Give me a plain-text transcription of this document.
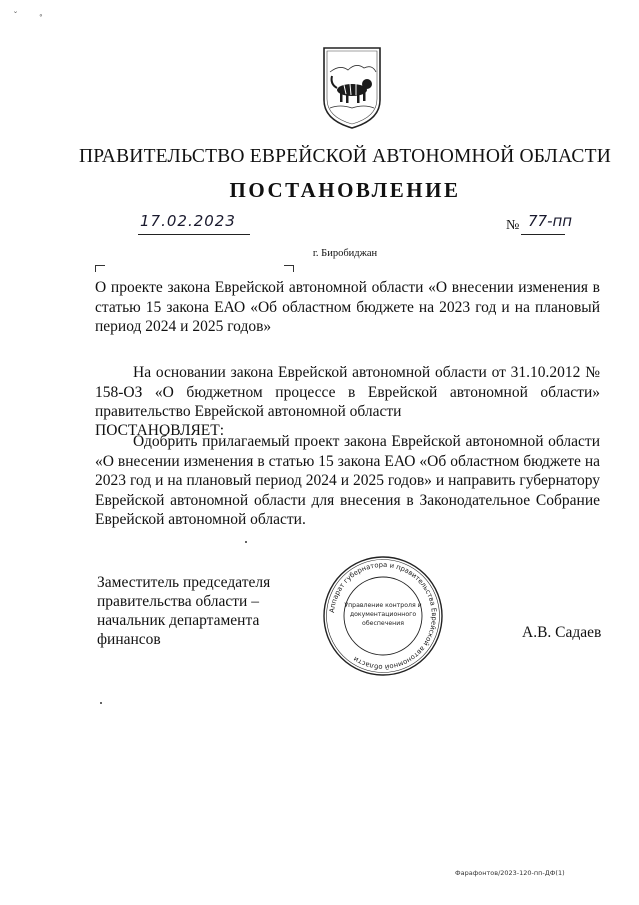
˘ ◦
ПРАВИТЕЛЬСТВО ЕВРЕЙСКОЙ АВТОНОМНОЙ ОБЛАСТИ
ПОСТАНОВЛЕНИЕ
17.02.2023	№ 77-пп
г. Биробиджан
О проекте закона Еврейской автономной области «О внесении изменения в статью 15 закона ЕАО «Об областном бюджете на 2023 год и на плановый период 2024 и 2025 годов»
На основании закона Еврейской автономной области от 31.10.2012 № 158-ОЗ «О бюджетном процессе в Еврейской автономной области» правительство Еврейской автономной области
ПОСТАНОВЛЯЕТ:
Одобрить прилагаемый проект закона Еврейской автономной области «О внесении изменения в статью 15 закона ЕАО «Об областном бюджете на 2023 год и на плановый период 2024 и 2025 годов» и направить губернатору Еврейской автономной области для внесения в Законодательное Собрание Еврейской автономной области.
Заместитель председателя
правительства области –
начальник департамента
финансов
Аппарат губернатора и правительства Еврейской автономной области
Управление контроля и
документационного
обеспечения
А.В. Садаев
Фарафонтов/2023-120-пп-ДФ(1)
